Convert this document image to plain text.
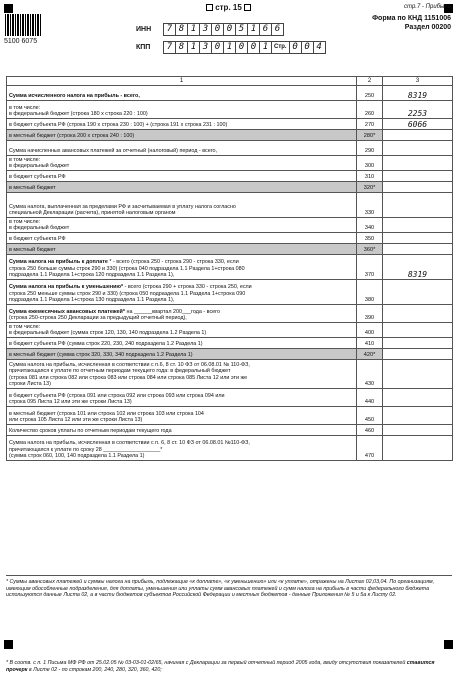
стр. 15	стр.7 - Прибыль
5100 6075
ИНН	7 8 1 3 0 0 5 1 6 6
КПП	7 8 1 3 0 1 0 0 1 Стр. 0 0 4
Форма по КНД 1151006
Раздел 00200
1	2	3
Сумма исчисленного налога на прибыль - всего,	250	8319
в том числе:
в федеральный бюджет (строка 180 х строка 220 : 100)	260	2253
в бюджет субъекта РФ (строка 190 х строка 230 : 100) + (строка 191 х строка 231 : 100)	270	6066
в местный бюджет (строка 200 х строка 240 : 100)	280*	
Сумма начисленных авансовых платежей за отчетный (налоговый) период - всего,	290	
в том числе:
в федеральный бюджет	300	
в бюджет субъекта РФ	310	
в местный бюджет	320*	
Сумма налога, выплаченная за пределами РФ и засчитываемая в уплату налога согласно
специальной Декларации (расчета), принятой налоговым органом	330	
в том числе:
в федеральный бюджет	340	
в бюджет субъекта РФ	350	
в местный бюджет	360*	
Сумма налога на прибыль к доплате * - всего (строка 250 - строка 290 - строка 330, если
строка 250 больше суммы строк 290 и 330) (строка 040 подраздела 1.1 Раздела 1+строка 080
подраздела 1.1 Раздела 1+строка 120 подраздела 1.1 Раздела 1),	370	8319
Сумма налога на прибыль к уменьшению* - всего (строка 290 + строка 330 - строка 250, если
строка 250 меньше суммы строк 290 и 330) (строка 050 подраздела 1.1 Раздела 1+строка 090
подраздела 1.1 Раздела 1+строка 130 подраздела 1.1 Раздела 1),	380	
Сумма ежемесячных авансовых платежей* на ______квартал 200___года - всего
(строка 250-строка 250 Декларации за предыдущий отчетный период),	390	
в том числе:
в федеральный бюджет (сумма строк 120, 130, 140 подраздела 1.2 Раздела 1)	400	
в бюджет субъекта РФ (сумма строк 220, 230, 240 подраздела 1.2 Раздела 1)	410	
в местный бюджет (сумма строк 320, 330, 340 подраздела 1.2 Раздела 1)	420*	
Сумма налога на прибыль, исчисленная в соответствии с п.6, 8 ст. 10 ФЗ от 06.08.01 № 110-ФЗ,
причитающаяся к уплате по отчетным периодам текущего года: в федеральный бюджет
(строка 081 или строка 082 или строка 083 или строка 084 или строка 085 Листа 12 или эти же
строки Листа 13)	430	
в бюджет субъекта РФ (строка 091 или строка 092 или строка 093 или строка 094 или
строка 095 Листа 12 или эти же строки Листа 13)	440	
в местный бюджет (строка 101 или строка 102 или строка 103 или строка 104
или строка 105 Листа 12 или эти же строки Листа 13)	450	
Количество сроков уплаты по отчетным периодам текущего года	460	
Сумма налога на прибыль, исчисленная в соответствии с п. 6, 8 ст. 10 ФЗ от 06.08.01 №110-ФЗ,
причитающаяся к уплате по сроку 28 ___________________*
(сумма строк 060, 100, 140 подраздела 1.1 Раздела 1)	470	
* Суммы авансовых платежей и суммы налога на прибыль, подлежащие «к доплате», «к уменьшению» или «к уплате», отражены на Листах 02,03,04. По организациям, имеющим обособленные подразделения, для доплаты, уменьшения или уплаты сумм авансовых платежей и сумм налога на прибыль в части федерального бюджета используются данные Листа 02, а в части бюджетов субъектов Российской Федерации и местных бюджетов - данные Приложения № 5 и 5а к Листу 02.
* В соотв. с п. 1 Письма МФ РФ от 25.02.05 № 03-03-01-02/65, начиная с Декларации за первый отчетный период 2005 года, ввиду отсутствия показателей ставится прочерк в Листе 02 - по строкам 200, 240, 280, 320, 360, 420;
